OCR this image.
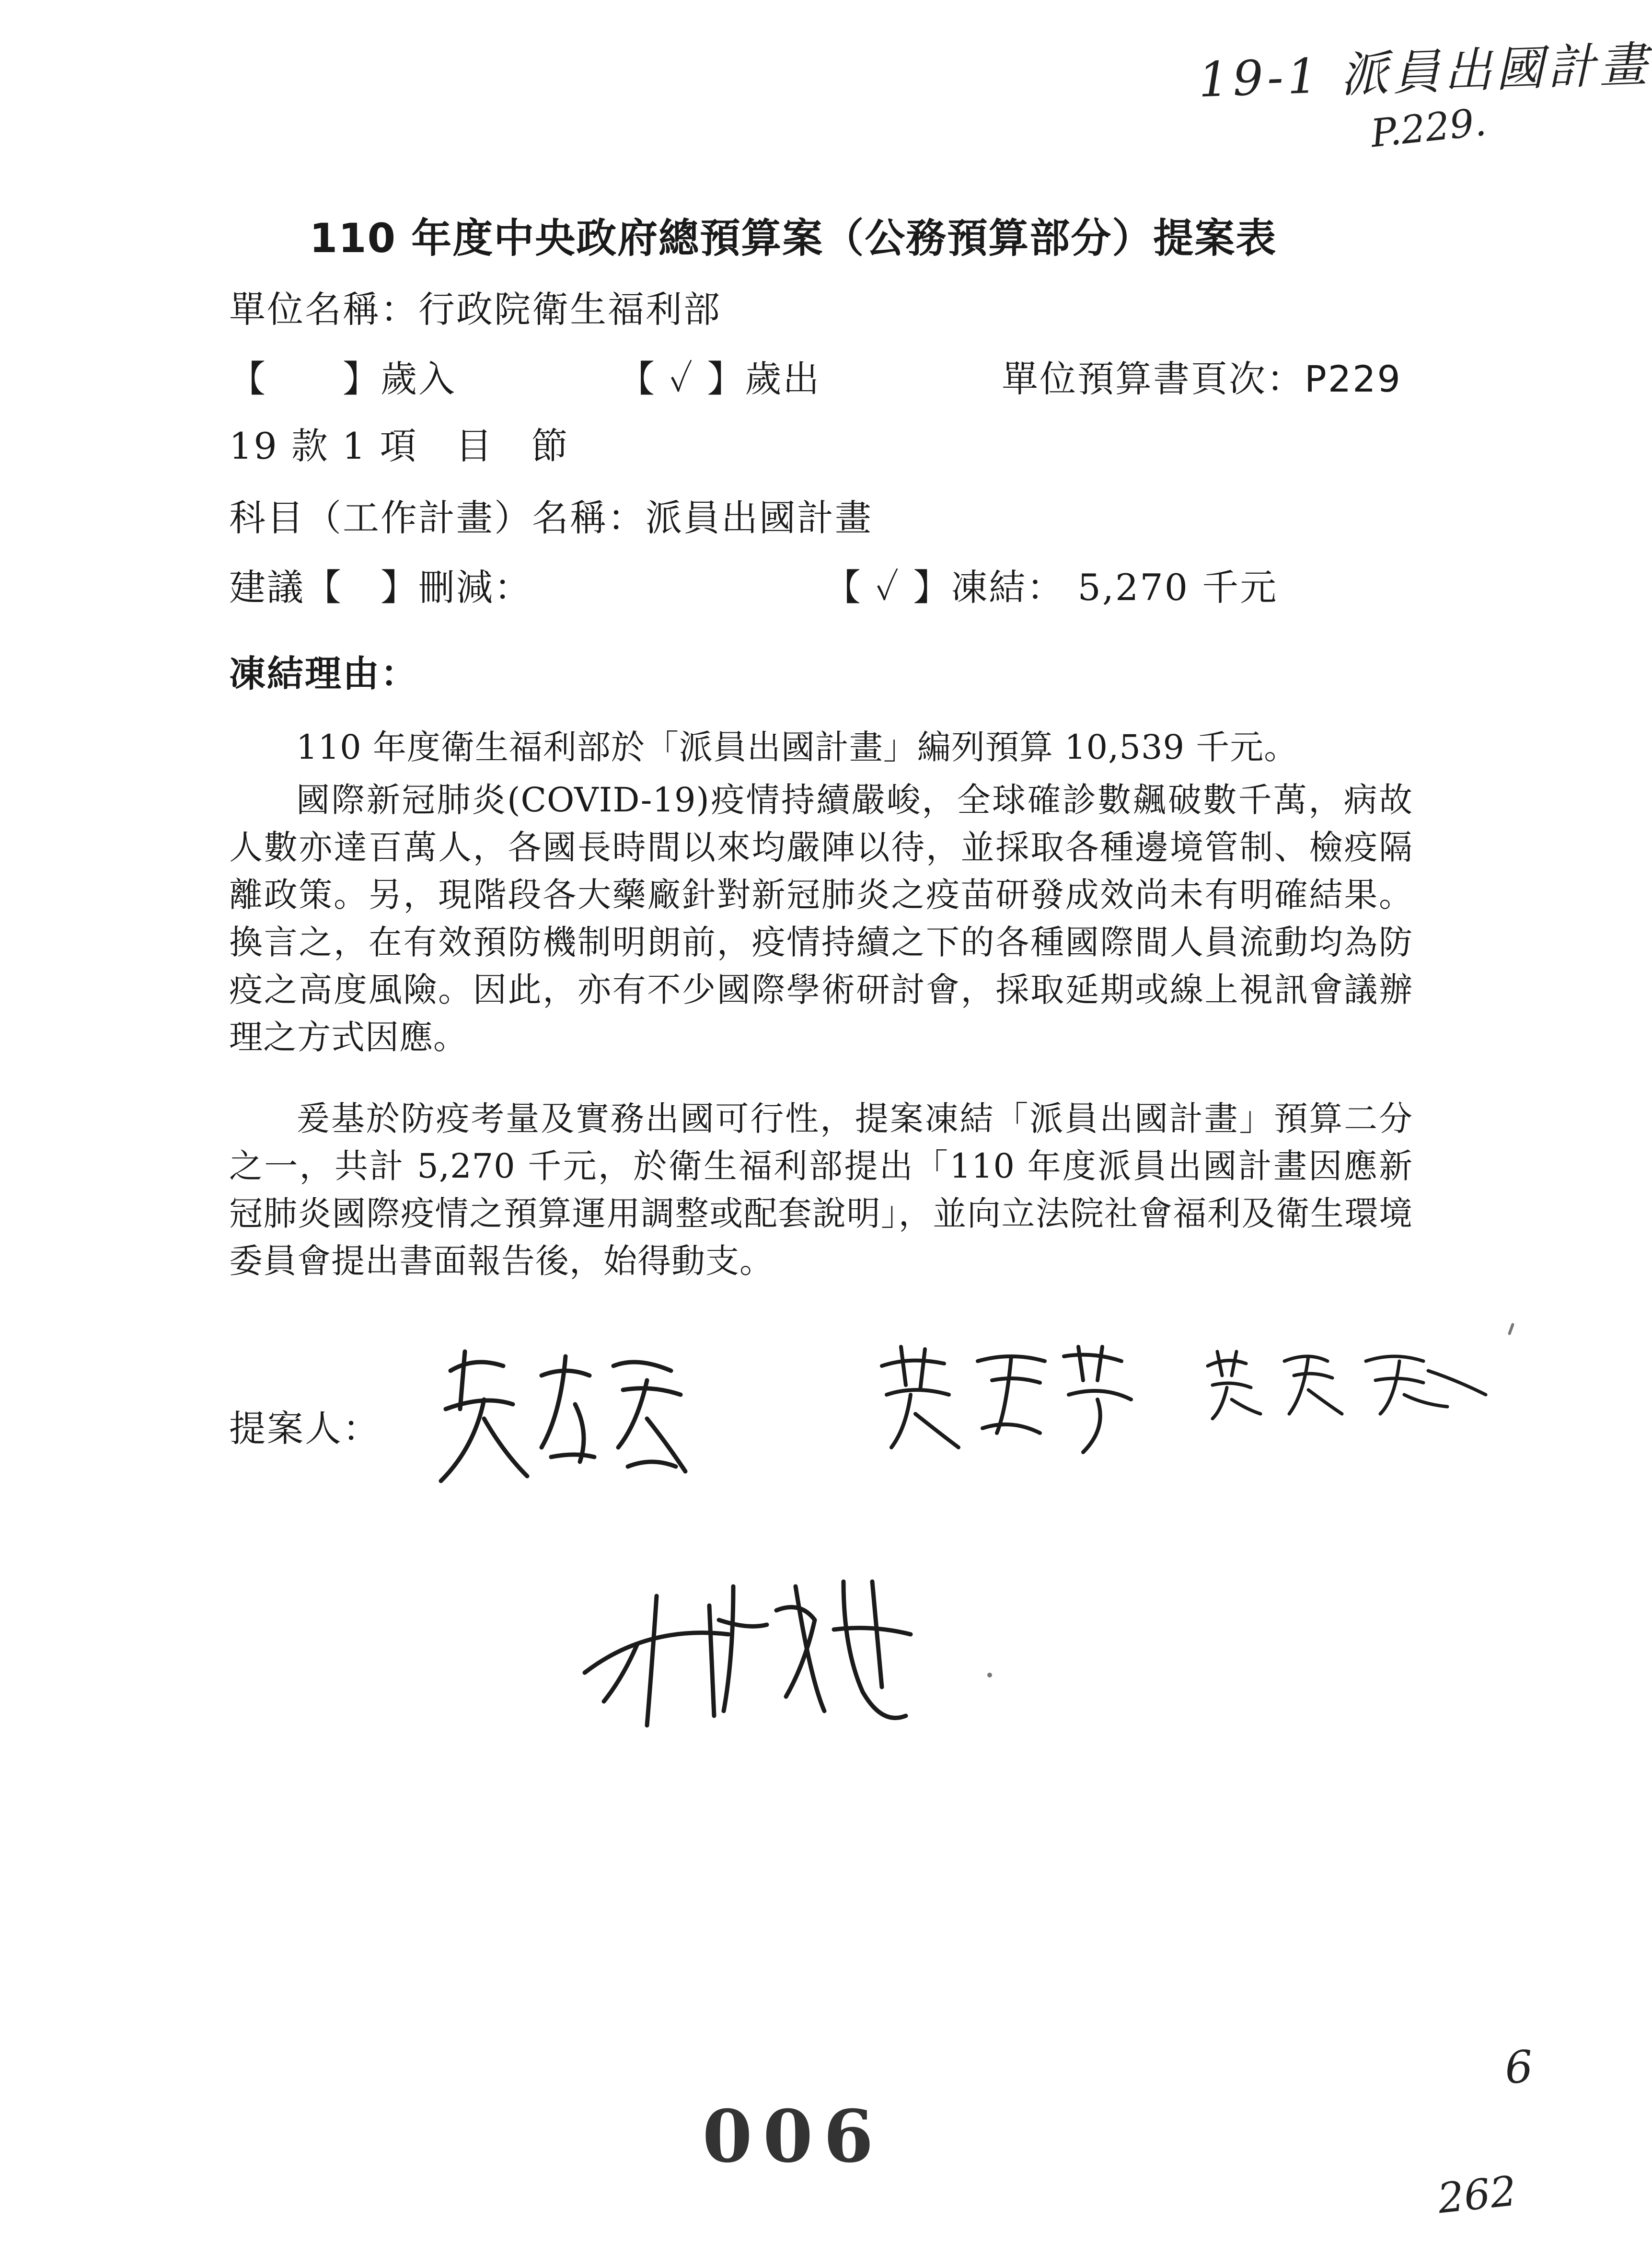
19-1 派員出國計畫
P.229.
110 年度中央政府總預算案（公務預算部分）提案表
單位名稱：行政院衛生福利部
【　　】歲入	【 ✓ 】歲出	單位預算書頁次：P229
19 款 1 項　目　節
科目（工作計畫）名稱：派員出國計畫
建議【　】刪減：	【 ✓ 】凍結： 5,270 千元
凍結理由：
110 年度衛生福利部於「派員出國計畫」編列預算 10,539 千元。
國際新冠肺炎(COVID-19)疫情持續嚴峻，全球確診數飆破數千萬，病故人數亦達百萬人，各國長時間以來均嚴陣以待，並採取各種邊境管制、檢疫隔離政策。另，現階段各大藥廠針對新冠肺炎之疫苗研發成效尚未有明確結果。換言之，在有效預防機制明朗前，疫情持續之下的各種國際間人員流動均為防疫之高度風險。因此，亦有不少國際學術研討會，採取延期或線上視訊會議辦理之方式因應。
爰基於防疫考量及實務出國可行性，提案凍結「派員出國計畫」預算二分之一，共計 5,270 千元，於衛生福利部提出「110 年度派員出國計畫因應新冠肺炎國際疫情之預算運用調整或配套說明」，並向立法院社會福利及衛生環境委員會提出書面報告後，始得動支。
提案人：
006
6
262
